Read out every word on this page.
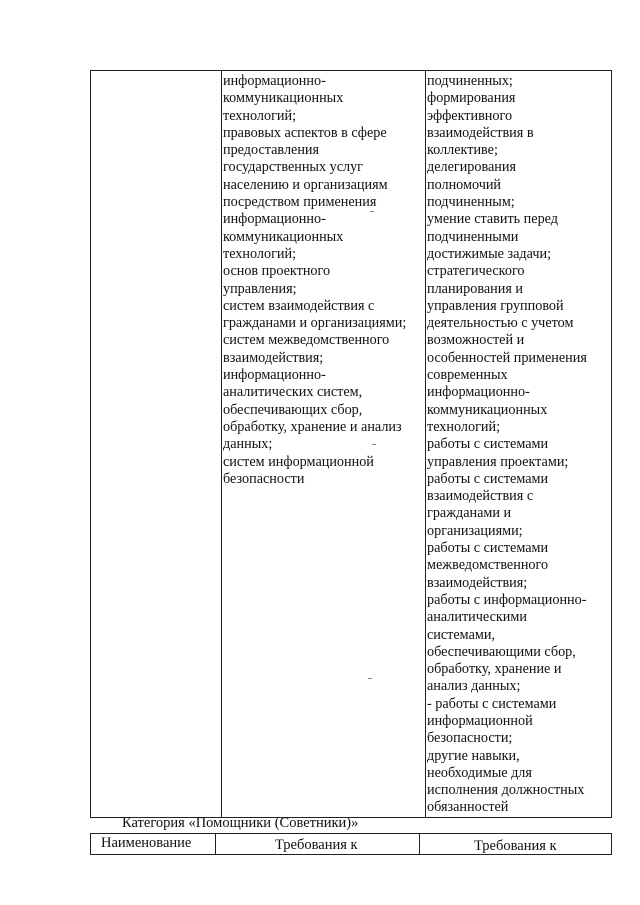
информационно-
коммуникационных
технологий;
правовых аспектов в сфере
предоставления
государственных услуг
населению и организациям
посредством применения
информационно-
коммуникационных
технологий;
основ проектного
управления;
систем взаимодействия с
гражданами и организациями;
систем межведомственного
взаимодействия;
информационно-
аналитических систем,
обеспечивающих сбор,
обработку, хранение и анализ
данных;
систем информационной
безопасности
подчиненных;
формирования
эффективного
взаимодействия в
коллективе;
делегирования
полномочий
подчиненным;
умение ставить перед
подчиненными
достижимые задачи;
стратегического
планирования и
управления групповой
деятельностью с учетом
возможностей и
особенностей применения
современных
информационно-
коммуникационных
технологий;
работы с системами
управления проектами;
работы с системами
взаимодействия с
гражданами и
организациями;
работы с системами
межведомственного
взаимодействия;
работы с информационно-
аналитическими
системами,
обеспечивающими сбор,
обработку, хранение и
анализ данных;
- работы с системами
информационной
безопасности;
другие навыки,
необходимые для
исполнения должностных
обязанностей
Категория «Помощники (Советники)»
Наименование	Требования к	Требования к
